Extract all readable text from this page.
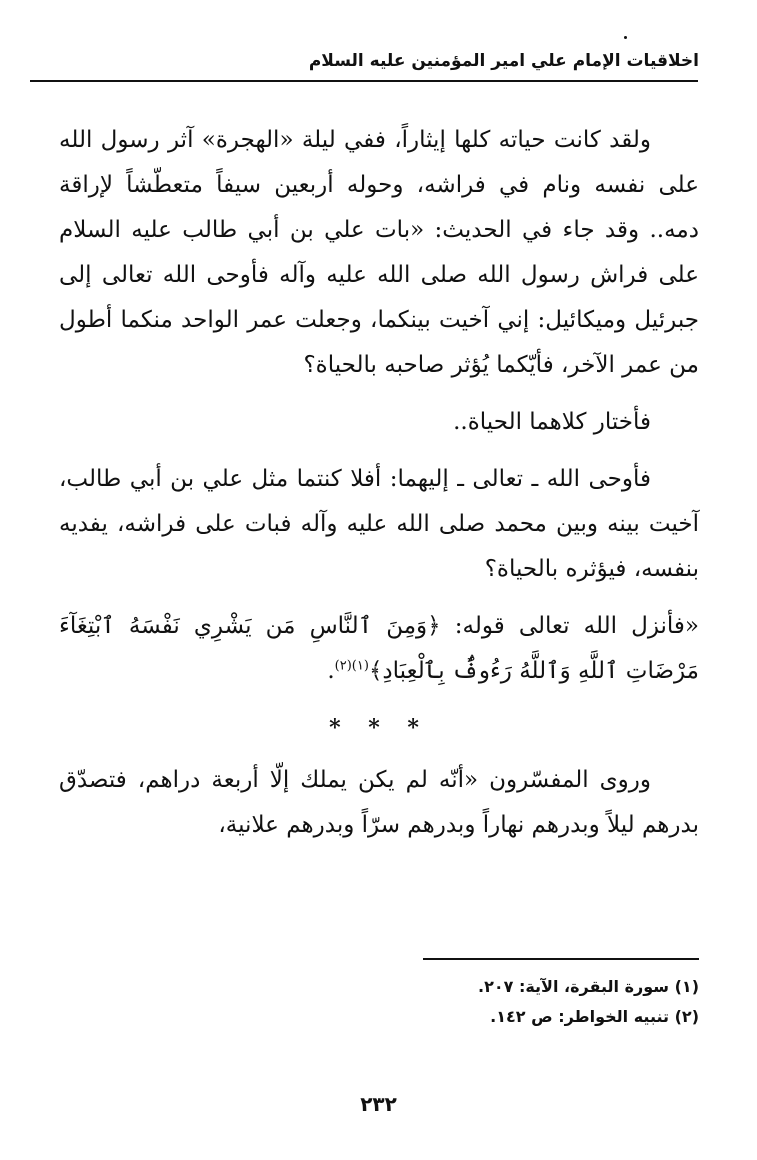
اخلاقيات الإمام علي امير المؤمنين عليه السلام

ولقد كانت حياته كلها إيثاراً، ففي ليلة «الهجرة» آثر رسول الله على نفسه ونام في فراشه، وحوله أربعين سيفاً متعطّشاً لإراقة دمه.. وقد جاء في الحديث: «بات علي بن أبي طالب عليه السلام على فراش رسول الله صلى الله عليه وآله فأوحى الله تعالى إلى جبرئيل وميكائيل: إني آخيت بينكما، وجعلت عمر الواحد منكما أطول من عمر الآخر، فأيّكما يُؤثر صاحبه بالحياة؟

فأختار كلاهما الحياة..

فأوحى الله ـ تعالى ـ إليهما: أفلا كنتما مثل علي بن أبي طالب، آخيت بينه وبين محمد صلى الله عليه وآله فبات على فراشه، يفديه بنفسه، فيؤثره بالحياة؟

«فأنزل الله تعالى قوله: ﴿وَمِنَ ٱلنَّاسِ مَن يَشْرِي نَفْسَهُ ٱبْتِغَآءَ مَرْضَاتِ ٱللَّهِ وَٱللَّهُ رَءُوفٌۢ بِٱلْعِبَادِ﴾$^{(١)(٢)}$.

* * *

وروى المفسّرون «أنّه لم يكن يملك إلّا أربعة دراهم، فتصدّق بدرهم ليلاً وبدرهم نهاراً وبدرهم سرّاً وبدرهم علانية،

(١) سورة البقرة، الآية: ٢٠٧.
(٢) تنبيه الخواطر: ص ١٤٢.
٢٣٢
